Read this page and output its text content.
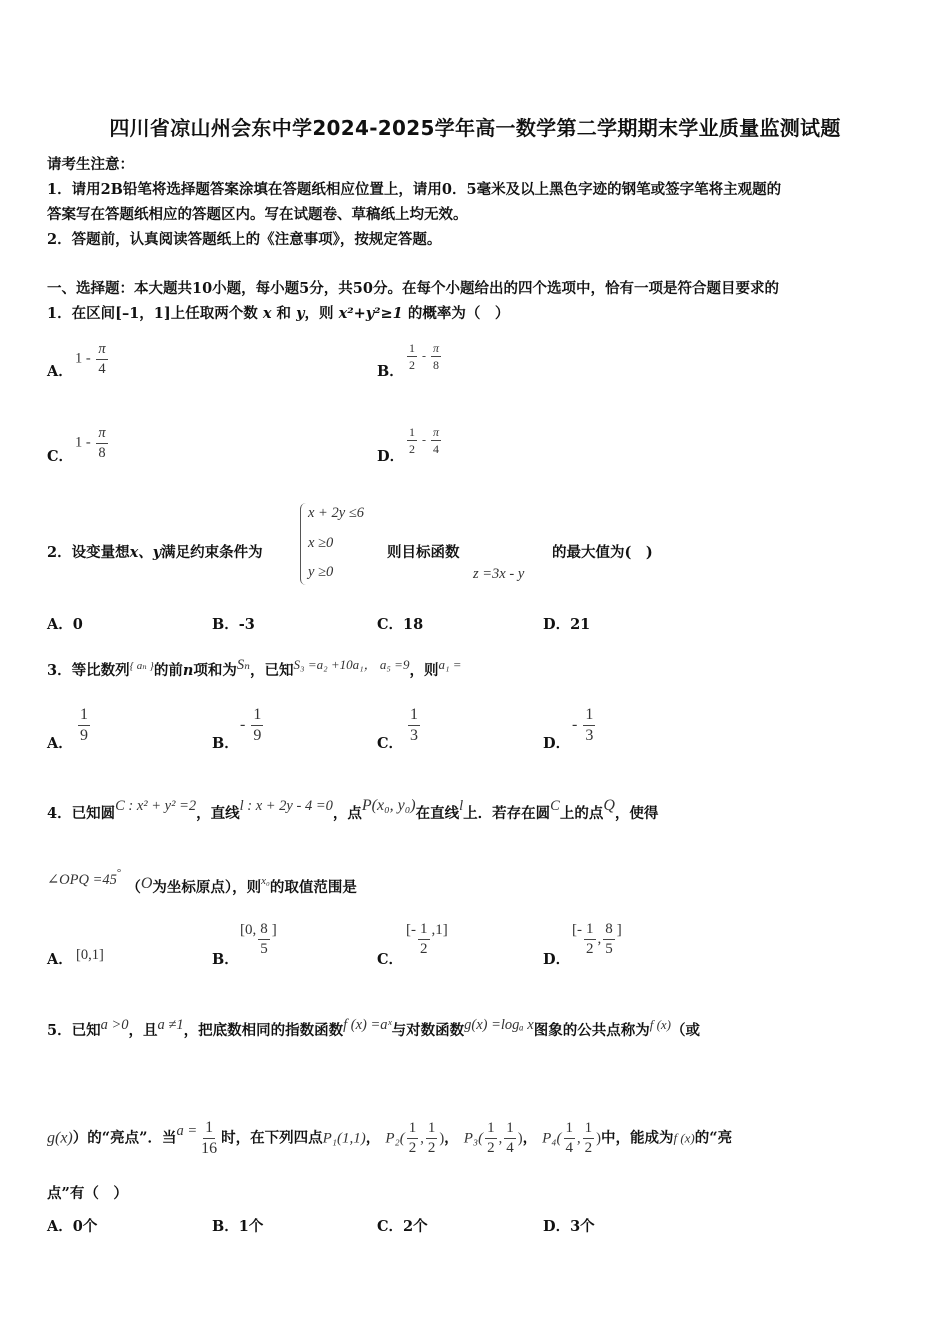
四川省凉山州会东中学2024-2025学年高一数学第二学期期末学业质量监测试题
请考生注意：
1．请用2B铅笔将选择题答案涂填在答题纸相应位置上，请用0．5毫米及以上黑色字迹的钢笔或签字笔将主观题的
答案写在答题纸相应的答题区内。写在试题卷、草稿纸上均无效。
2．答题前，认真阅读答题纸上的《注意事项》，按规定答题。
一、选择题：本大题共10小题，每小题5分，共50分。在每个小题给出的四个选项中，恰有一项是符合题目要求的
1．在区间[–1，1]上任取两个数 x 和 y，则 x²+y²≥1 的概率为（　）
A．
$1 - \frac{\pi}{4}$	B．
$\frac{1}{2} - \frac{\pi}{8}$
C．
$1 - \frac{\pi}{8}$	D．
$\frac{1}{2} - \frac{\pi}{4}$
2．设变量想x、y满足约束条件为
x + 2y ≤6
x ≥0
y ≥0
则目标函数	的最大值为(　)
z =3x - y
A．0	B．-3	C．18	D．21
3．等比数列$^{\{ a_n \}}$的前n项和为Sₙ，已知S₃ =a₂ +10a₁， a₅ =9，则a₁ =
A． $\frac{1}{9}$	B．
- $\frac{1}{9}$	C． $\frac{1}{3}$	D．
- $\frac{1}{3}$
4．已知圆C : x² + y² =2，直线l : x + 2y - 4 =0，点P(x₀, y₀)在直线l上．若存在圆C上的点Q，使得
∠OPQ =45° （O为坐标原点），则$^{x_0}$的取值范围是
A． [0,1]	B．
[0, $\frac{8}{5}$ ]
C．
[- $\frac{1}{2} ,1$]
D．
[- $\frac{1}{2}$ , $\frac{8}{5}$ ]
5．已知a >0，且a ≠1，把底数相同的指数函数f (x) =aˣ与对数函数g(x) =logₐ x图象的公共点称为f (x)（或
g(x)）的“亮点”．当$a = \frac{1}{16}$ 时，在下列四点P₁(1,1)， $P_2( \frac{1}{2}$ , $\frac{1}{2}$ )， $P_3( \frac{1}{2}$ , $\frac{1}{4}$ )， $P_4( \frac{1}{4}$ , $\frac{1}{2}$ )中，能成为f (x)的“亮
点”有（　）
A．0个	B．1个	C．2个	D．3个
